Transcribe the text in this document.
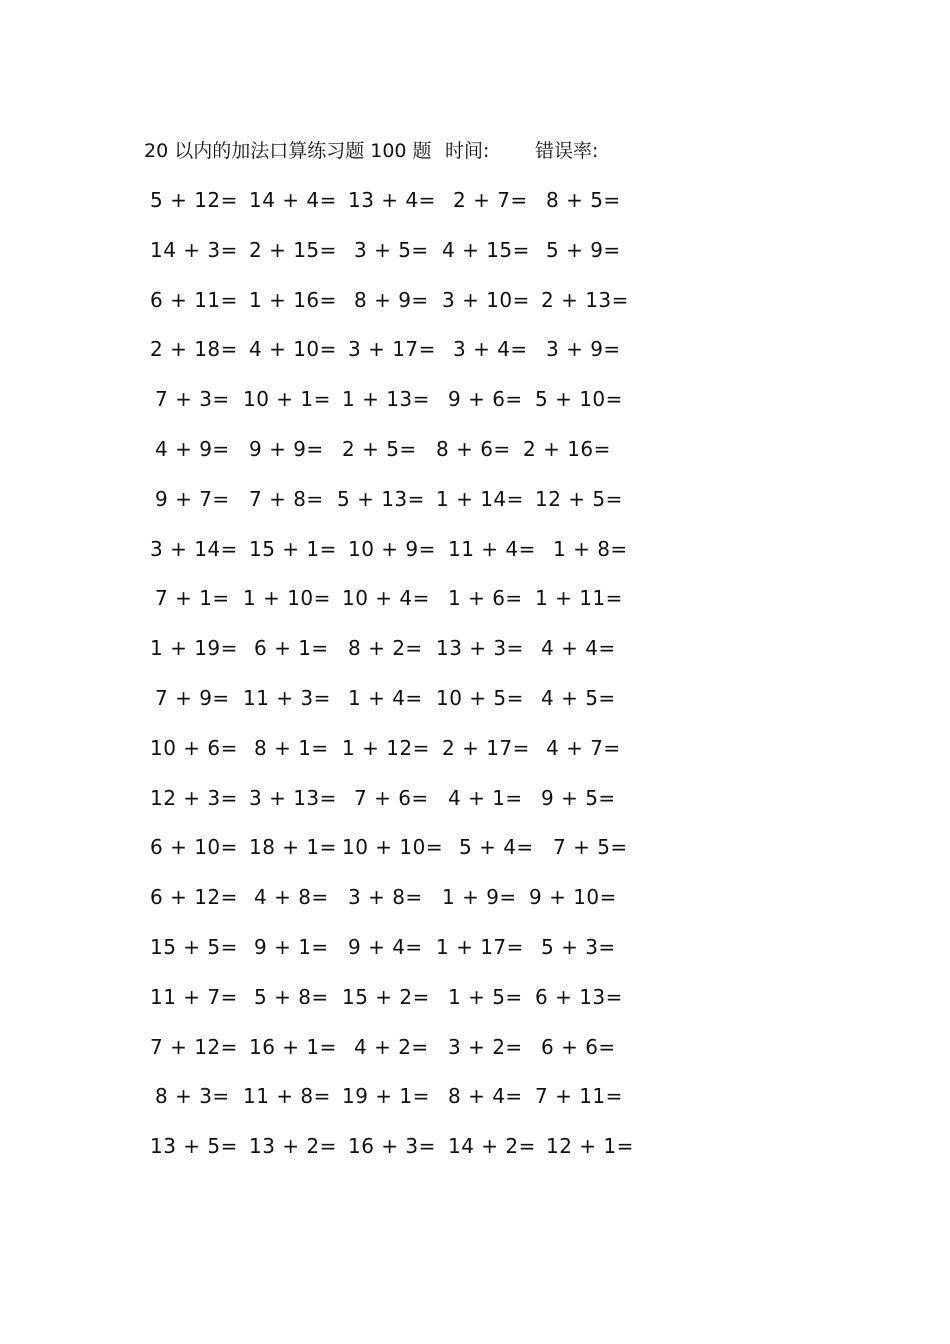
20 以内的加法口算练习题 100 题 时间: 错误率:
5 + 12= 14 + 4= 13 + 4= 2 + 7= 8 + 5=
14 + 3= 2 + 15= 3 + 5= 4 + 15= 5 + 9=
6 + 11= 1 + 16= 8 + 9= 3 + 10= 2 + 13=
2 + 18= 4 + 10= 3 + 17= 3 + 4= 3 + 9=
7 + 3= 10 + 1= 1 + 13= 9 + 6= 5 + 10=
4 + 9= 9 + 9= 2 + 5= 8 + 6= 2 + 16=
9 + 7= 7 + 8= 5 + 13= 1 + 14= 12 + 5=
3 + 14= 15 + 1= 10 + 9= 11 + 4= 1 + 8=
7 + 1= 1 + 10= 10 + 4= 1 + 6= 1 + 11=
1 + 19= 6 + 1= 8 + 2= 13 + 3= 4 + 4=
7 + 9= 11 + 3= 1 + 4= 10 + 5= 4 + 5=
10 + 6= 8 + 1= 1 + 12= 2 + 17= 4 + 7=
12 + 3= 3 + 13= 7 + 6= 4 + 1= 9 + 5=
6 + 10= 18 + 1= 10 + 10= 5 + 4= 7 + 5=
6 + 12= 4 + 8= 3 + 8= 1 + 9= 9 + 10=
15 + 5= 9 + 1= 9 + 4= 1 + 17= 5 + 3=
11 + 7= 5 + 8= 15 + 2= 1 + 5= 6 + 13=
7 + 12= 16 + 1= 4 + 2= 3 + 2= 6 + 6=
8 + 3= 11 + 8= 19 + 1= 8 + 4= 7 + 11=
13 + 5= 13 + 2= 16 + 3= 14 + 2= 12 + 1=
